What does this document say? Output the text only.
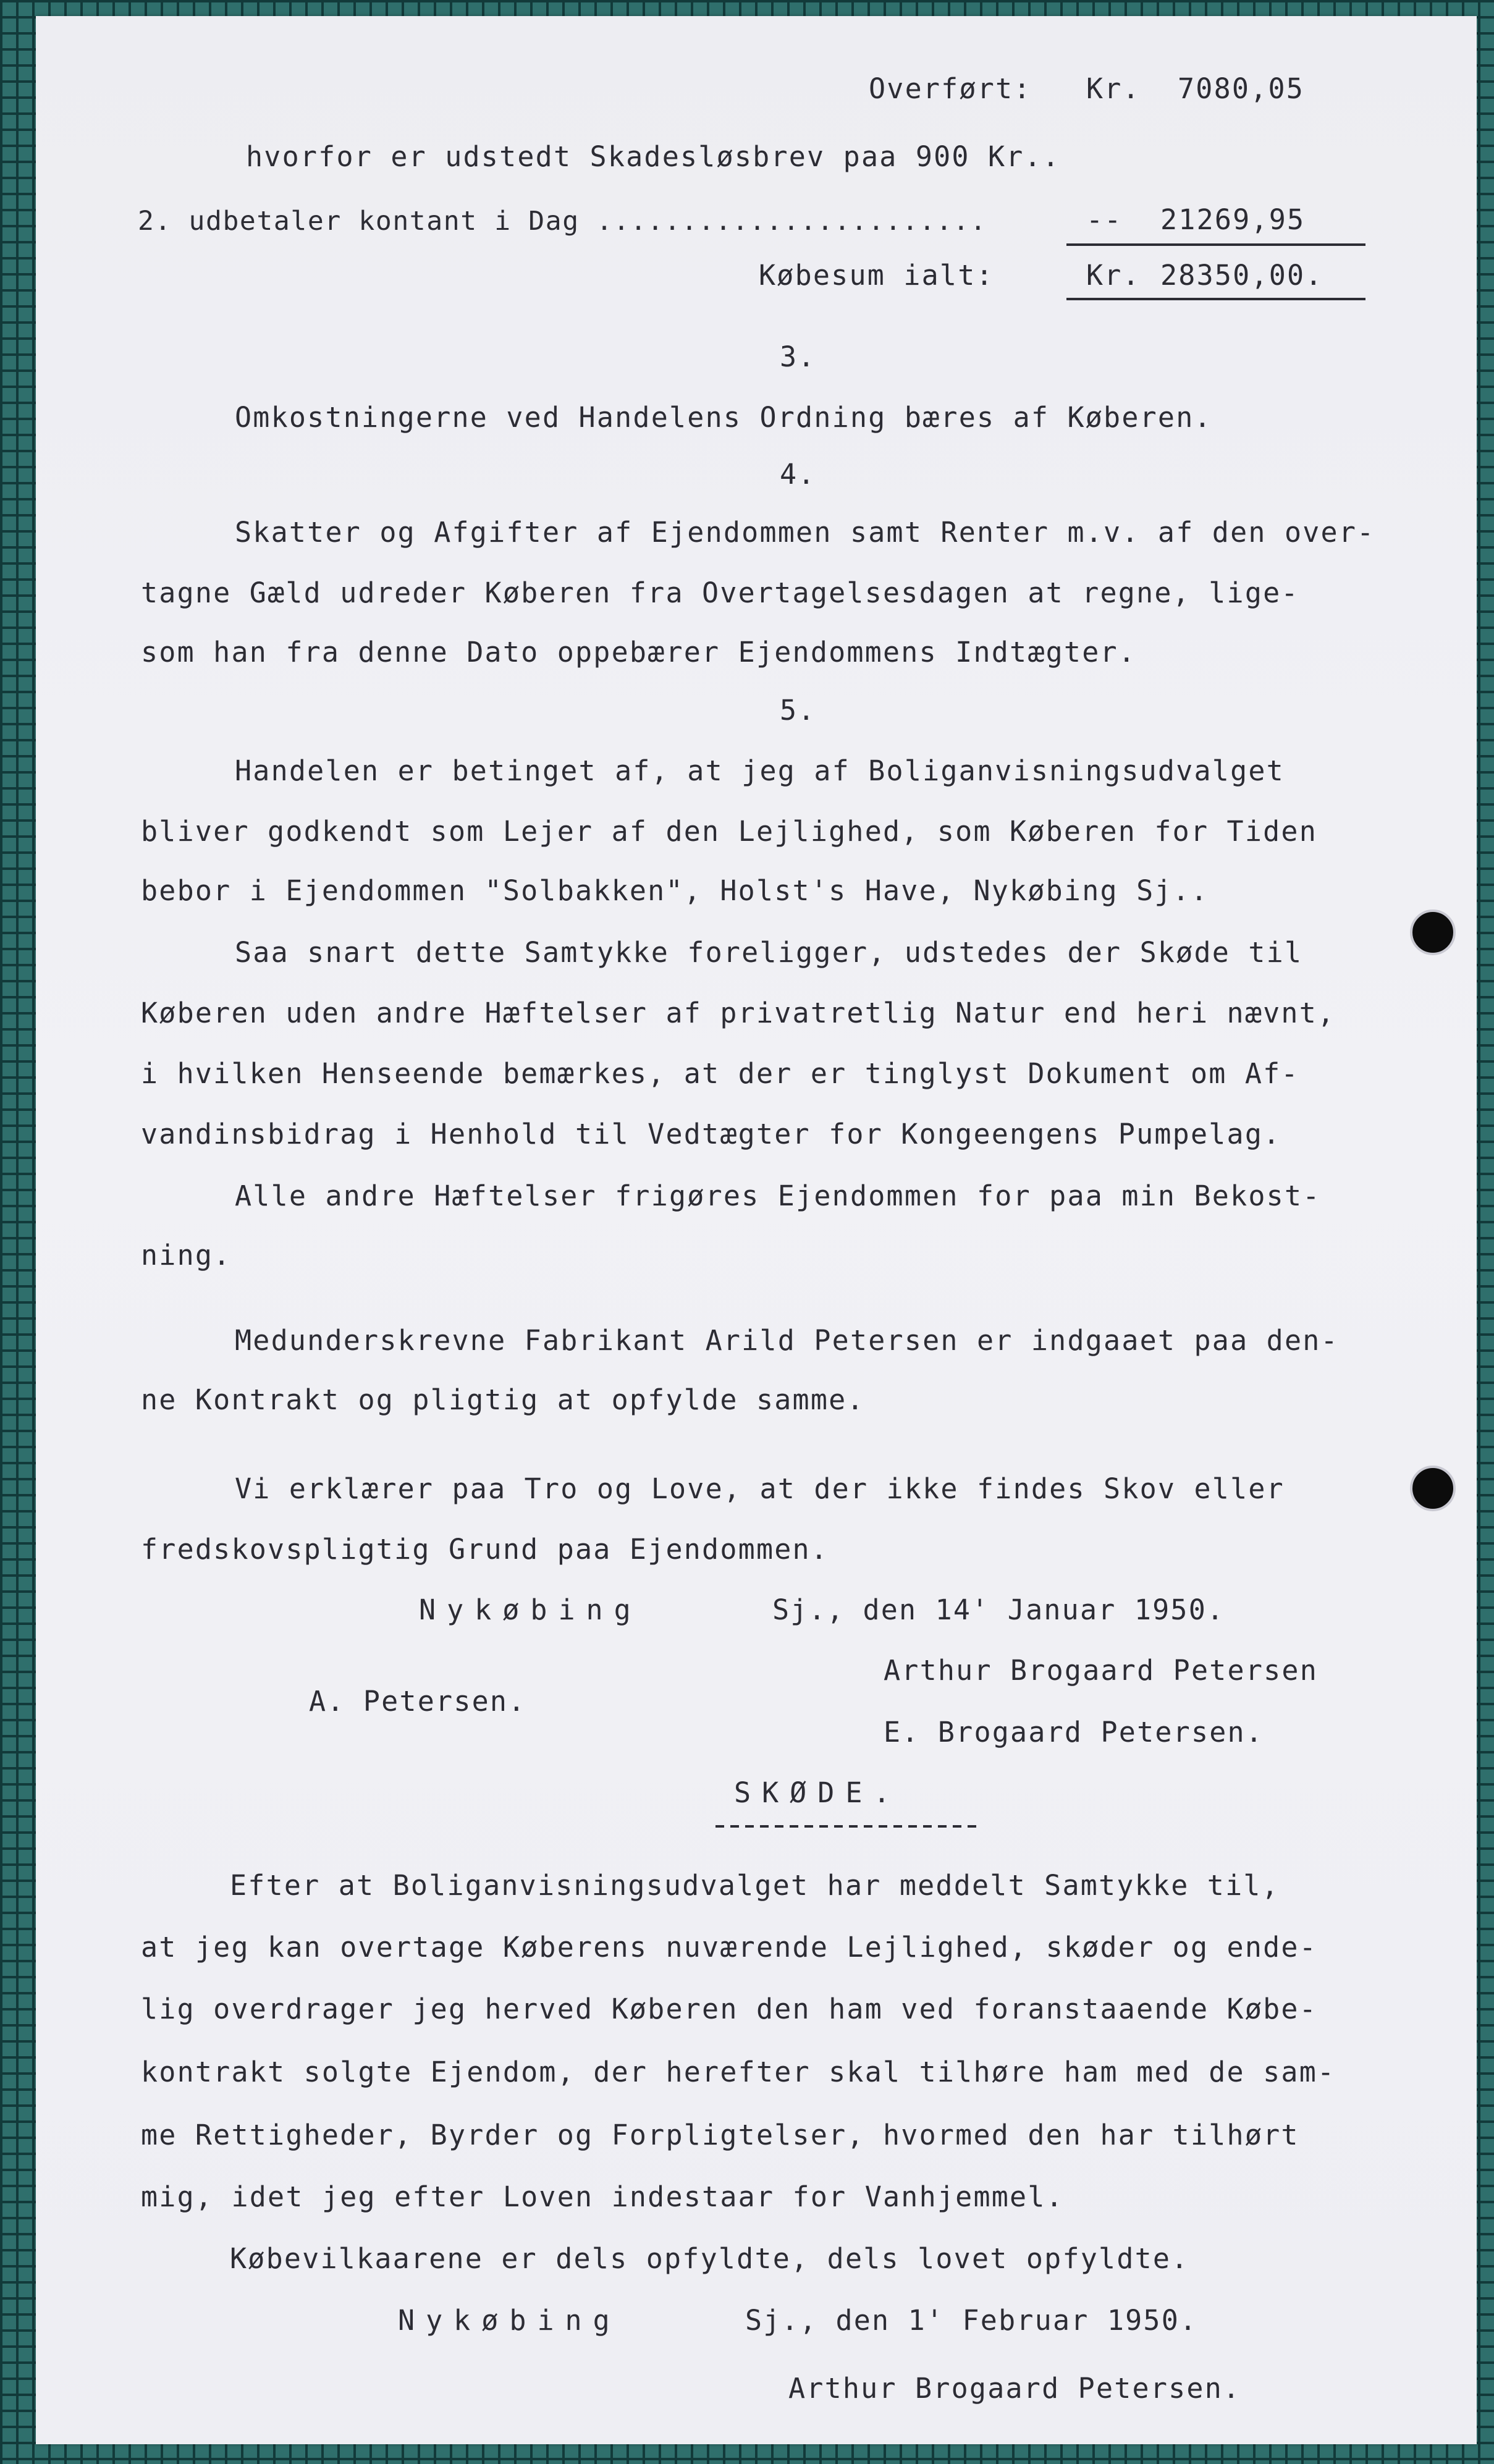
Overført: Kr. 7080,05
hvorfor er udstedt Skadesløsbrev paa 900 Kr..
2. udbetaler kontant i Dag .......................	-- 21269,95
Købesum ialt:	Kr. 28350,00.
3.
Omkostningerne ved Handelens Ordning bæres af Køberen.
4.
Skatter og Afgifter af Ejendommen samt Renter m.v. af den over-
tagne Gæld udreder Køberen fra Overtagelsesdagen at regne, lige-
som han fra denne Dato oppebærer Ejendommens Indtægter.
5.
Handelen er betinget af, at jeg af Boliganvisningsudvalget
bliver godkendt som Lejer af den Lejlighed, som Køberen for Tiden
bebor i Ejendommen "Solbakken", Holst's Have, Nykøbing Sj..
Saa snart dette Samtykke foreligger, udstedes der Skøde til
Køberen uden andre Hæftelser af privatretlig Natur end heri nævnt,
i hvilken Henseende bemærkes, at der er tinglyst Dokument om Af-
vandinsbidrag i Henhold til Vedtægter for Kongeengens Pumpelag.
Alle andre Hæftelser frigøres Ejendommen for paa min Bekost-
ning.
Medunderskrevne Fabrikant Arild Petersen er indgaaet paa den-
ne Kontrakt og pligtig at opfylde samme.
Vi erklærer paa Tro og Love, at der ikke findes Skov eller
fredskovspligtig Grund paa Ejendommen.
Nykøbing	Sj., den 14' Januar 1950.
Arthur Brogaard Petersen
A. Petersen.
E. Brogaard Petersen.
SKØDE.
Efter at Boliganvisningsudvalget har meddelt Samtykke til,
at jeg kan overtage Køberens nuværende Lejlighed, skøder og ende-
lig overdrager jeg herved Køberen den ham ved foranstaaende Købe-
kontrakt solgte Ejendom, der herefter skal tilhøre ham med de sam-
me Rettigheder, Byrder og Forpligtelser, hvormed den har tilhørt
mig, idet jeg efter Loven indestaar for Vanhjemmel.
Købevilkaarene er dels opfyldte, dels lovet opfyldte.
Nykøbing	Sj., den 1' Februar 1950.
Arthur Brogaard Petersen.
